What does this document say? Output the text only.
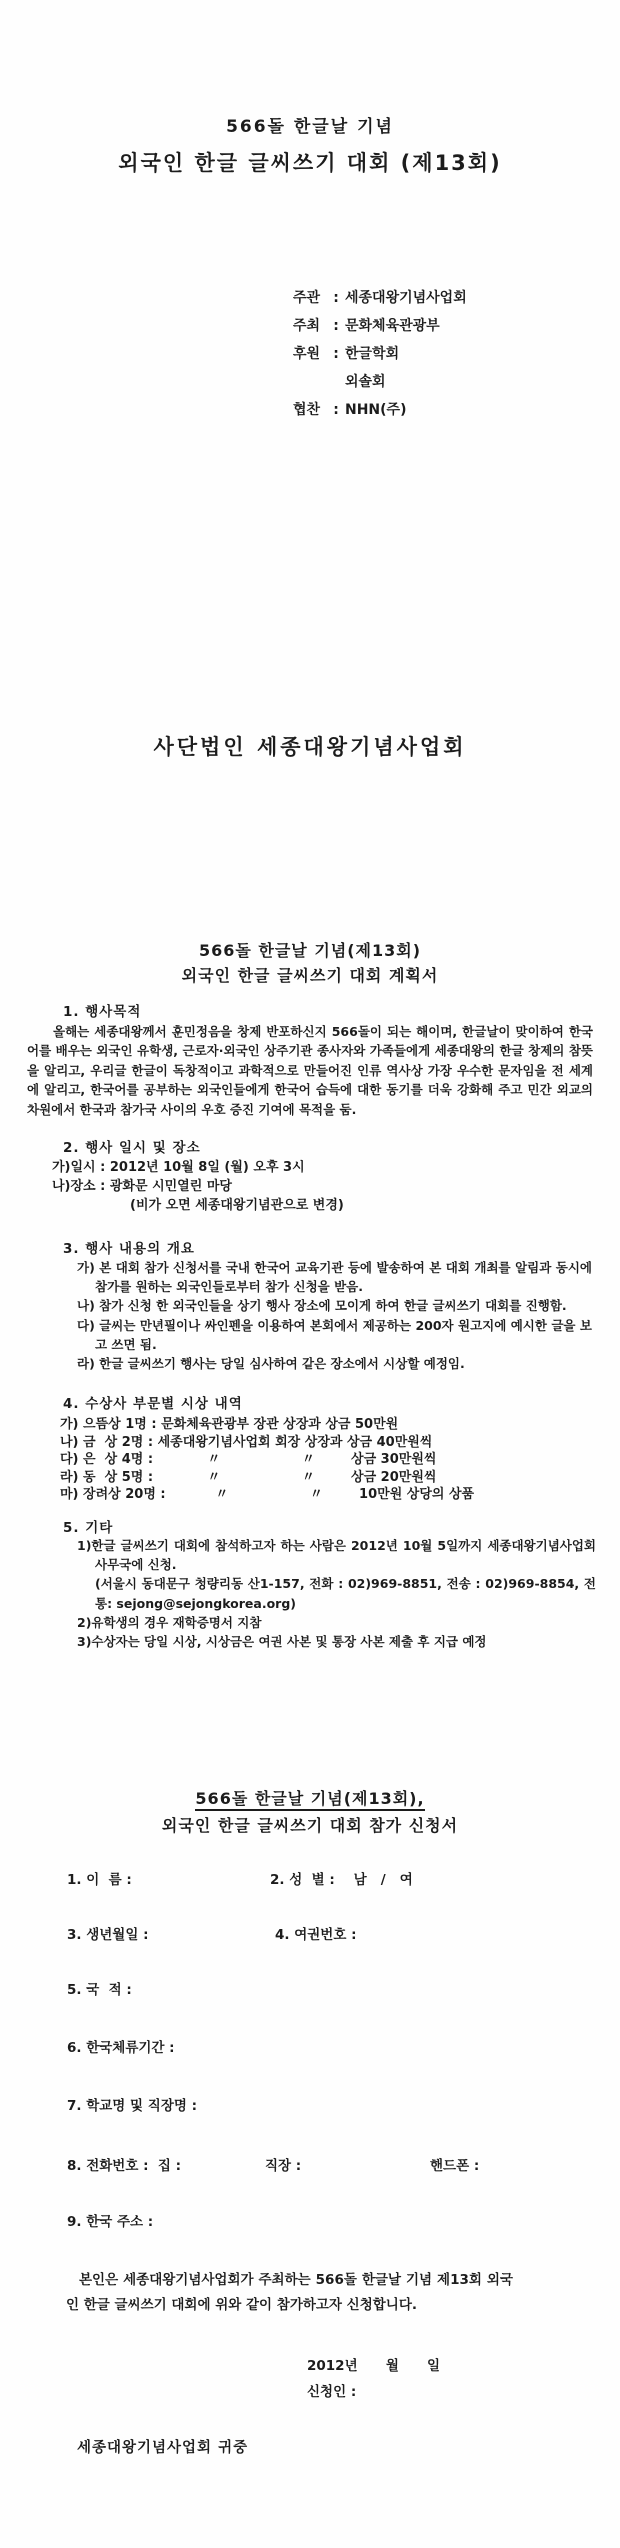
566돌 한글날 기념
외국인 한글 글씨쓰기 대회 (제13회)
주관 : 세종대왕기념사업회
주최 : 문화체육관광부
후원 : 한글학회
외솔회
협찬 : NHN(주)
사단법인 세종대왕기념사업회
566돌 한글날 기념(제13회)
외국인 한글 글씨쓰기 대회 계획서
1. 행사목적
올해는 세종대왕께서 훈민정음을 창제 반포하신지 566돌이 되는 해이며, 한글날이 맞이하여 한국어를 배우는 외국인 유학생, 근로자·외국인 상주기관 종사자와 가족들에게 세종대왕의 한글 창제의 참뜻을 알리고, 우리글 한글이 독창적이고 과학적으로 만들어진 인류 역사상 가장 우수한 문자임을 전 세계에 알리고, 한국어를 공부하는 외국인들에게 한국어 습득에 대한 동기를 더욱 강화해 주고 민간 외교의 차원에서 한국과 참가국 사이의 우호 증진 기여에 목적을 둠.
2. 행사 일시 및 장소
가)일시 : 2012년 10월 8일 (월) 오후 3시
나)장소 : 광화문 시민열린 마당
(비가 오면 세종대왕기념관으로 변경)
3. 행사 내용의 개요

가) 본 대회 참가 신청서를 국내 한국어 교육기관 등에 발송하여 본 대회 개최를 알림과 동시에 참가를 원하는 외국인들로부터 참가 신청을 받음.

나) 참가 신청 한 외국인들을 상기 행사 장소에 모이게 하여 한글 글씨쓰기 대회를 진행함.

다) 글씨는 만년필이나 싸인펜을 이용하여 본회에서 제공하는 200자 원고지에 예시한 글을 보고 쓰면 됨.

라) 한글 글씨쓰기 행사는 당일 심사하여 같은 장소에서 시상할 예정임.

4. 수상사 부문별 시상 내역
가) 으뜸상 1명 : 문화체육관광부 장관 상장과 상금 50만원
나) 금  상 2명 : 세종대왕기념사업회 회장 상장과 상금 40만원씩
다) 은  상 4명 :            〃                  〃        상금 30만원씩
라) 동  상 5명 :            〃                  〃        상금 20만원씩
마) 장려상 20명 :           〃                  〃        10만원 상당의 상품
5. 기타

1)한글 글씨쓰기 대회에 참석하고자 하는 사람은 2012년 10월 5일까지 세종대왕기념사업회 사무국에 신청.

(서울시 동대문구 청량리동 산1-157, 전화 : 02)969-8851, 전송 : 02)969-8854, 전통: sejong@sejongkorea.org)

2)유학생의 경우 재학증명서 지참

3)수상자는 당일 시상, 시상금은 여권 사본 및 통장 사본 제출 후 지급 예정

566돌 한글날 기념(제13회),
외국인 한글 글씨쓰기 대회 참가 신청서
1. 이  름 :	2. 성  별 :    남   /   여
3. 생년월일 :	4. 여권번호 :
5. 국  적 :
6. 한국체류기간 :
7. 학교명 및 직장명 :
8. 전화번호 :  집 :	직장 :	핸드폰 :
9. 한국 주소 :
본인은 세종대왕기념사업회가 주최하는 566돌 한글날 기념 제13회 외국인 한글 글씨쓰기 대회에 위와 같이 참가하고자 신청합니다.
2012년      월      일
신청인 :
세종대왕기념사업회 귀중
